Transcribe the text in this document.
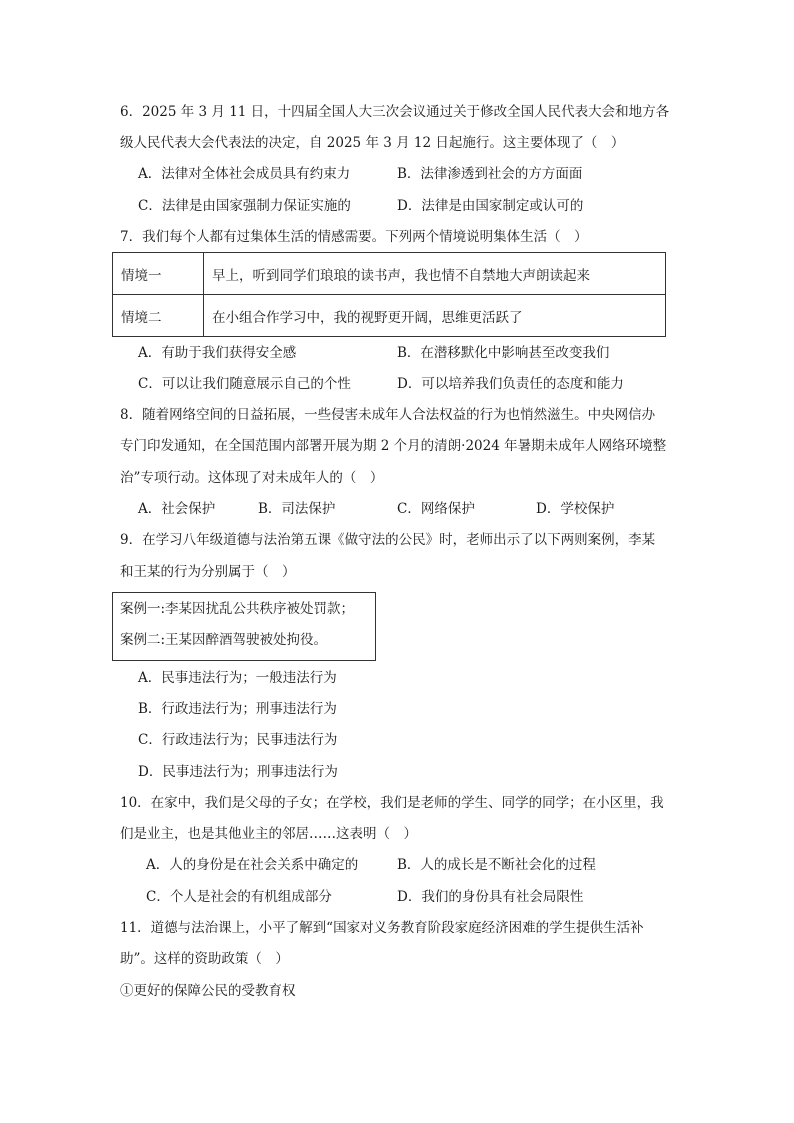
6．2025 年 3 月 11 日，十四届全国人大三次会议通过关于修改全国人民代表大会和地方各
级人民代表大会代表法的决定，自 2025 年 3 月 12 日起施行。这主要体现了（　）
A．法律对全体社会成员具有约束力	B．法律渗透到社会的方方面面
C．法律是由国家强制力保证实施的	D．法律是由国家制定或认可的
7．我们每个人都有过集体生活的情感需要。下列两个情境说明集体生活（　）
情境一	早上，听到同学们琅琅的读书声，我也情不自禁地大声朗读起来
情境二	在小组合作学习中，我的视野更开阔，思维更活跃了
A．有助于我们获得安全感	B．在潜移默化中影响甚至改变我们
C．可以让我们随意展示自己的个性	D．可以培养我们负责任的态度和能力
8．随着网络空间的日益拓展，一些侵害未成年人合法权益的行为也悄然滋生。中央网信办
专门印发通知，在全国范围内部署开展为期 2 个月的清朗·2024 年暑期未成年人网络环境整
治”专项行动。这体现了对未成年人的（　）
A．社会保护	B．司法保护	C．网络保护	D．学校保护
9．在学习八年级道德与法治第五课《做守法的公民》时，老师出示了以下两则案例，李某
和王某的行为分别属于（　）
案例一:李某因扰乱公共秩序被处罚款；
案例二:王某因醉酒驾驶被处拘役。
A．民事违法行为；一般违法行为
B．行政违法行为；刑事违法行为
C．行政违法行为；民事违法行为
D．民事违法行为；刑事违法行为
10．在家中，我们是父母的子女；在学校，我们是老师的学生、同学的同学；在小区里，我
们是业主，也是其他业主的邻居……这表明（　）
A．人的身份是在社会关系中确定的	B．人的成长是不断社会化的过程
C．个人是社会的有机组成部分	D．我们的身份具有社会局限性
11．道德与法治课上，小平了解到“国家对义务教育阶段家庭经济困难的学生提供生活补
助”。这样的资助政策（　）
①更好的保障公民的受教育权
